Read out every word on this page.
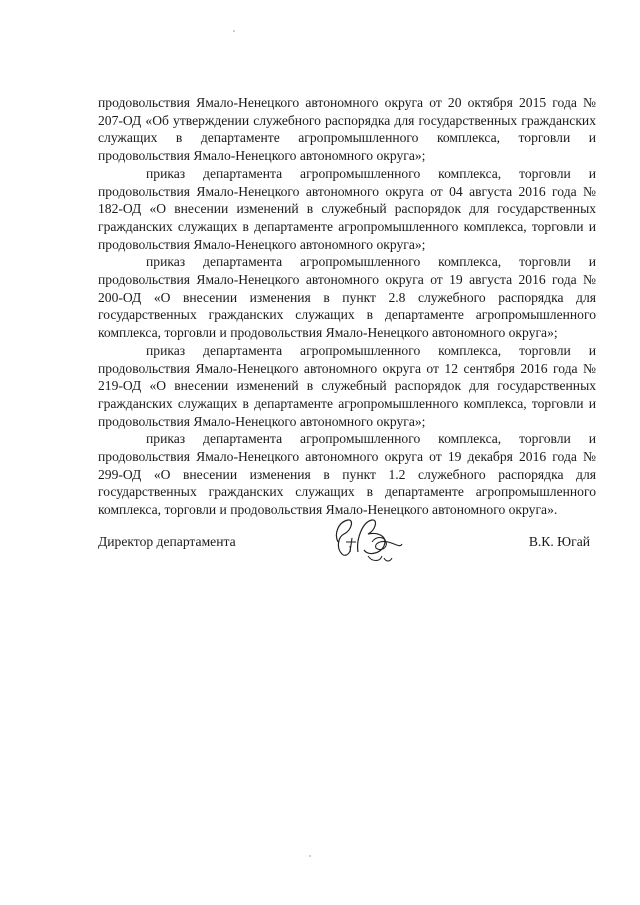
продовольствия Ямало-Ненецкого автономного округа от 20 октября 2015 года № 207-ОД «Об утверждении служебного распорядка для государственных гражданских служащих в департаменте агропромышленного комплекса, торговли и продовольствия Ямало-Ненецкого автономного округа»;

приказ департамента агропромышленного комплекса, торговли и продовольствия Ямало-Ненецкого автономного округа от 04 августа 2016 года № 182-ОД «О внесении изменений в служебный распорядок для государственных гражданских служащих в департаменте агропромышленного комплекса, торговли и продовольствия Ямало-Ненецкого автономного округа»;

приказ департамента агропромышленного комплекса, торговли и продовольствия Ямало-Ненецкого автономного округа от 19 августа 2016 года № 200-ОД «О внесении изменения в пункт 2.8 служебного распорядка для государственных гражданских служащих в департаменте агропромышленного комплекса, торговли и продовольствия Ямало-Ненецкого автономного округа»;

приказ департамента агропромышленного комплекса, торговли и продовольствия Ямало-Ненецкого автономного округа от 12 сентября 2016 года № 219-ОД «О внесении изменений в служебный распорядок для государственных гражданских служащих в департаменте агропромышленного комплекса, торговли и продовольствия Ямало-Ненецкого автономного округа»;

приказ департамента агропромышленного комплекса, торговли и продовольствия Ямало-Ненецкого автономного округа от 19 декабря 2016 года № 299-ОД «О внесении изменения в пункт 1.2 служебного распорядка для государственных гражданских служащих в департаменте агропромышленного комплекса, торговли и продовольствия Ямало-Ненецкого автономного округа».

Директор департамента	В.К. Югай
